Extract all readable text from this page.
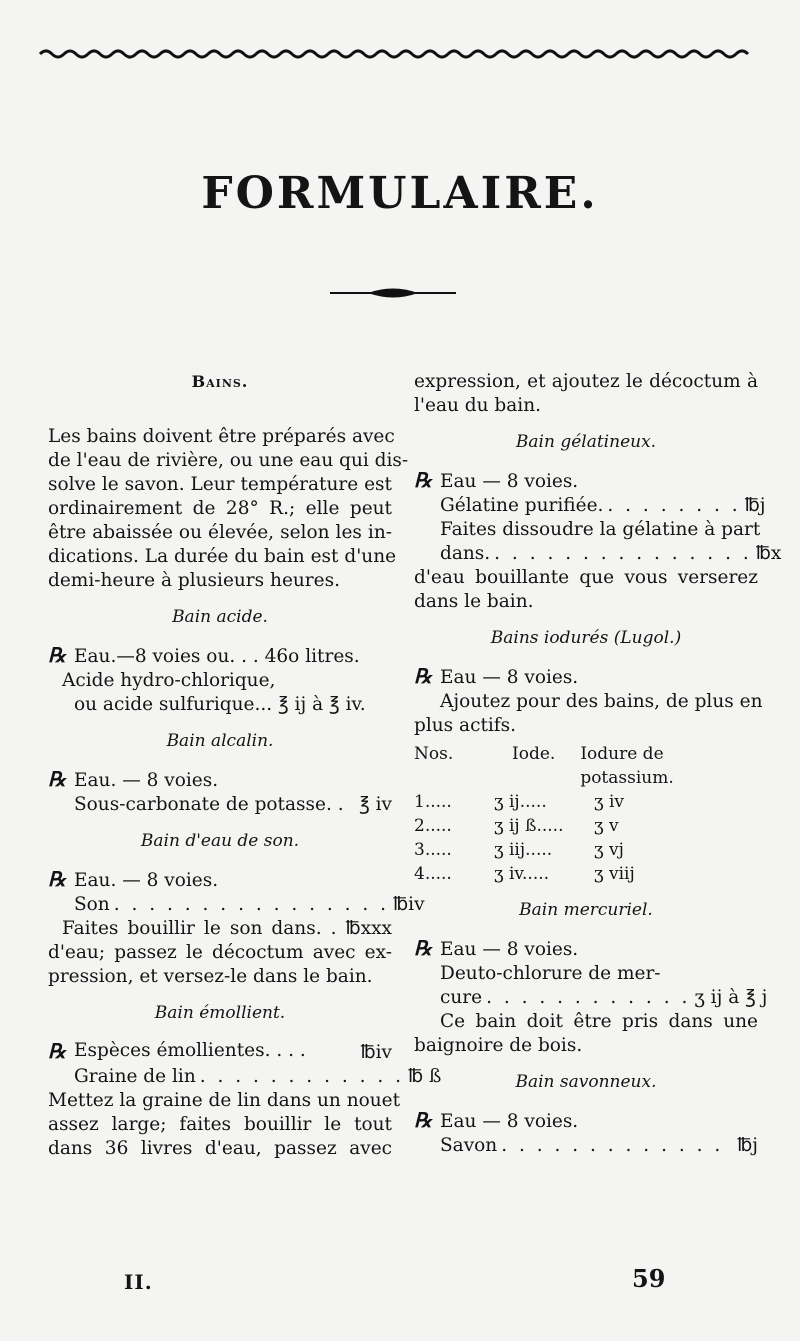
FORMULAIRE.
Bains.
Les bains doivent être préparés avec
de l'eau de rivière, ou une eau qui dis-
solve le savon. Leur température est
ordinairement de 28° R.; elle peut
être abaissée ou élevée, selon les in-
dications. La durée du bain est d'une
demi-heure à plusieurs heures.
Bain acide.
℞ Eau.—8 voies ou. . . 46o litres.
Acide hydro-chlorique,
ou acide sulfurique... ℥ ij à ℥ iv.
Bain alcalin.
℞ Eau. — 8 voies.
Sous-carbonate de potasse. . ℥ iv
Bain d'eau de son.
℞ Eau. — 8 voies.
Son . . . . . . . . . . . . . . . . ℔iv
Faites bouillir le son dans. . ℔xxx
d'eau; passez le décoctum avec ex-
pression, et versez-le dans le bain.
Bain émollient.
℞ Espèces émollientes. . . .	℔iv
Graine de lin . . . . . . . . . . . . ℔ ß
Mettez la graine de lin dans un nouet
assez large; faites bouillir le tout
dans 36 livres d'eau, passez avec
expression, et ajoutez le décoctum à
l'eau du bain.
Bain gélatineux.
℞ Eau — 8 voies.
Gélatine purifiée. . . . . . . . . ℔j
Faites dissoudre la gélatine à part
dans. . . . . . . . . . . . . . . . ℔x
d'eau bouillante que vous verserez
dans le bain.
Bains iodurés (Lugol.)
℞ Eau — 8 voies.
Ajoutez pour des bains, de plus en
plus actifs.
Nos.	Iode.	Iodure de potassium.
1.....	ʒ ij.....	ʒ iv
2.....	ʒ ij ß.....	ʒ v
3.....	ʒ iij.....	ʒ vj
4.....	ʒ iv.....	ʒ viij
Bain mercuriel.
℞ Eau — 8 voies.
Deuto-chlorure de mer-
cure . . . . . . . . . . . . ʒ ij à ℥ j
Ce bain doit être pris dans une
baignoire de bois.
Bain savonneux.
℞ Eau — 8 voies.
Savon . . . . . . . . . . . . . ℔j
II.	59
